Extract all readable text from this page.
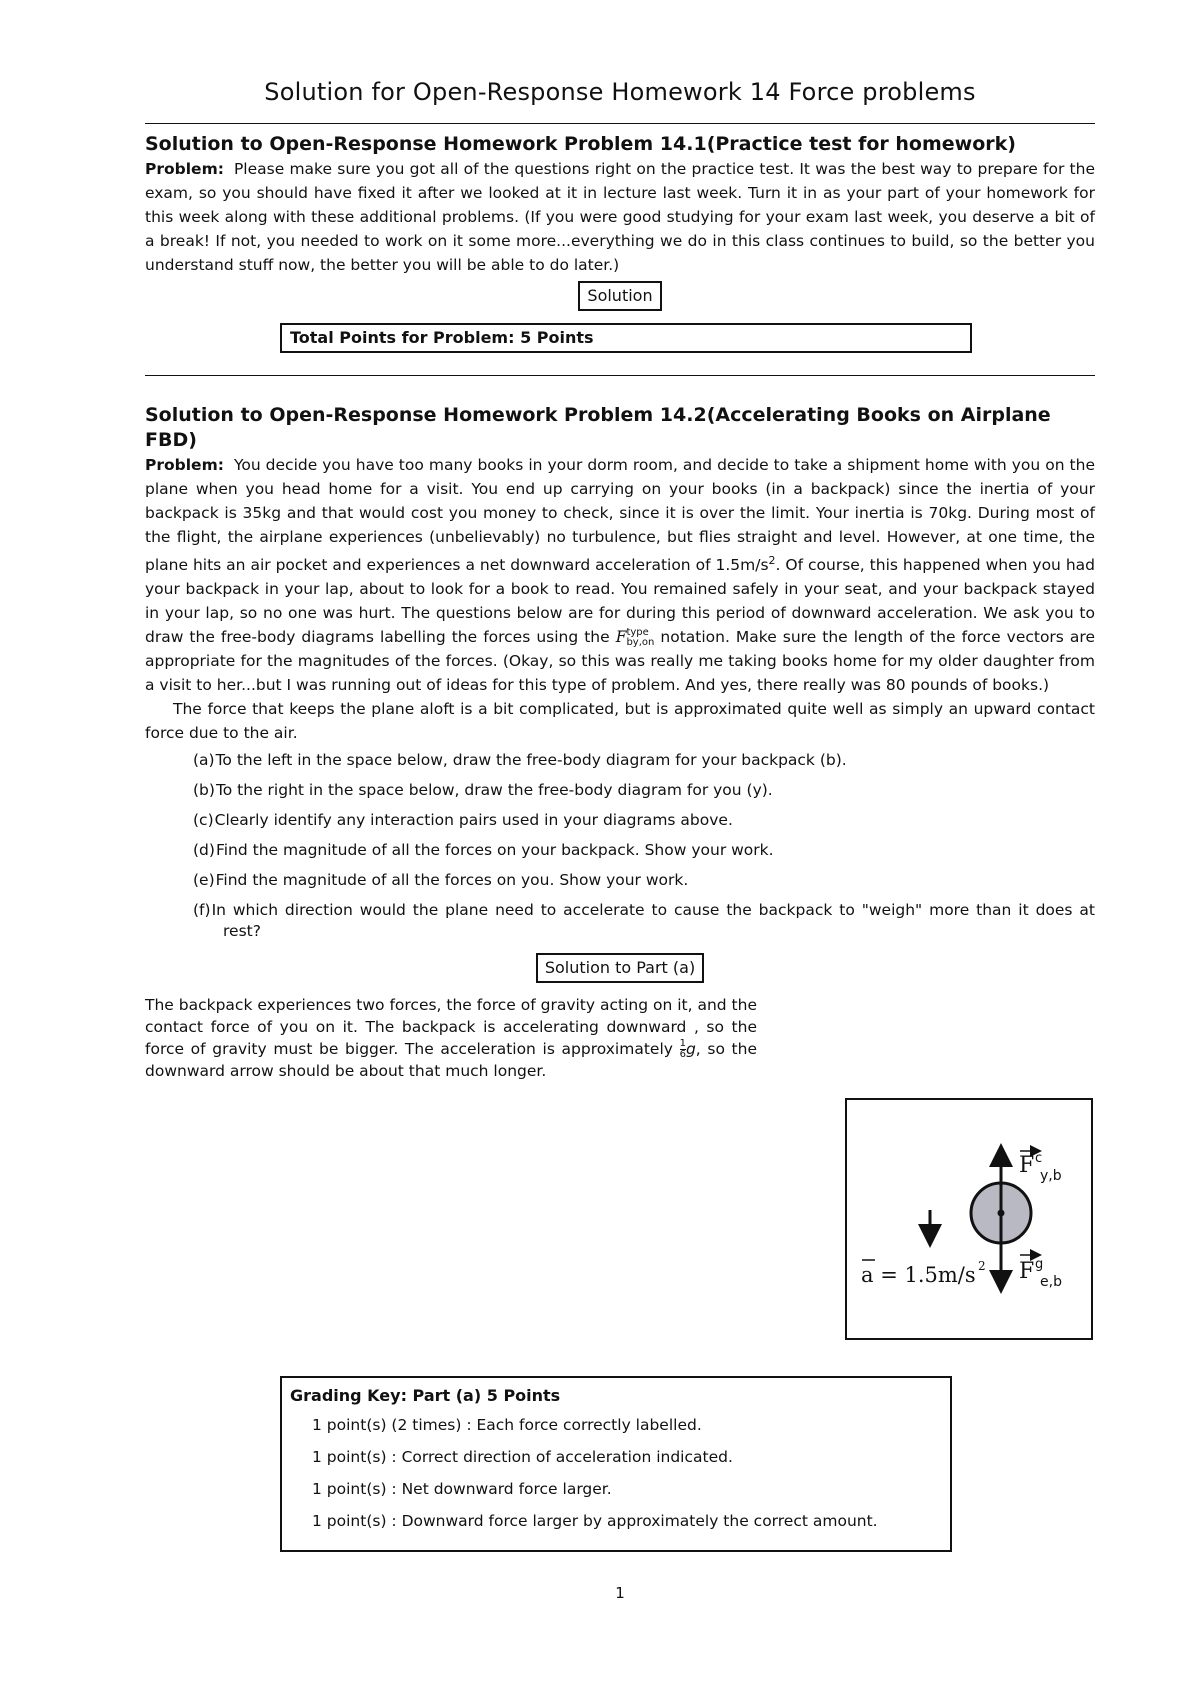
Solution for Open-Response Homework 14 Force problems
Solution to Open-Response Homework Problem 14.1(Practice test for homework)

Problem: Please make sure you got all of the questions right on the practice test. It was the best way to prepare for the exam, so you should have fixed it after we looked at it in lecture last week. Turn it in as your part of your homework for this week along with these additional problems. (If you were good studying for your exam last week, you deserve a bit of a break! If not, you needed to work on it some more...everything we do in this class continues to build, so the better you understand stuff now, the better you will be able to do later.)

Solution
Total Points for Problem: 5 Points
Solution to Open-Response Homework Problem 14.2(Accelerating Books on Airplane FBD)

Problem: You decide you have too many books in your dorm room, and decide to take a shipment home with you on the plane when you head home for a visit. You end up carrying on your books (in a backpack) since the inertia of your backpack is 35kg and that would cost you money to check, since it is over the limit. Your inertia is 70kg. During most of the flight, the airplane experiences (unbelievably) no turbulence, but flies straight and level. However, at one time, the plane hits an air pocket and experiences a net downward acceleration of $1.5m/s^2$. Of course, this happened when you had your backpack in your lap, about to look for a book to read. You remained safely in your seat, and your backpack stayed in your lap, so no one was hurt. The questions below are for during this period of downward acceleration. We ask you to draw the free-body diagrams labelling the forces using the F type
by,on notation. Make sure the length of the force vectors are appropriate for the magnitudes of the forces. (Okay, so this was really me taking books home for my older daughter from a visit to her...but I was running out of ideas for this type of problem. And yes, there really was 80 pounds of books.)

The force that keeps the plane aloft is a bit complicated, but is approximated quite well as simply an upward contact force due to the air.

(a)To the left in the space below, draw the free-body diagram for your backpack (b).
(b)To the right in the space below, draw the free-body diagram for you (y).
(c)Clearly identify any interaction pairs used in your diagrams above.
(d)Find the magnitude of all the forces on your backpack. Show your work.
(e)Find the magnitude of all the forces on you. Show your work.
(f)In which direction would the plane need to accelerate to cause the backpack to "weigh" more than it does at rest?
Solution to Part (a)

The backpack experiences two forces, the force of gravity acting on it, and the contact force of you on it. The backpack is accelerating downward , so the force of gravity must be bigger. The acceleration is approximately $\frac{1}{6} g$, so the downward arrow should be about that much longer.

F c
y,b
F g
e,b
a = 1.5m/s 2
Grading Key: Part (a) 5 Points
1 point(s) (2 times) : Each force correctly labelled.
1 point(s) : Correct direction of acceleration indicated.
1 point(s) : Net downward force larger.
1 point(s) : Downward force larger by approximately the correct amount.
1
